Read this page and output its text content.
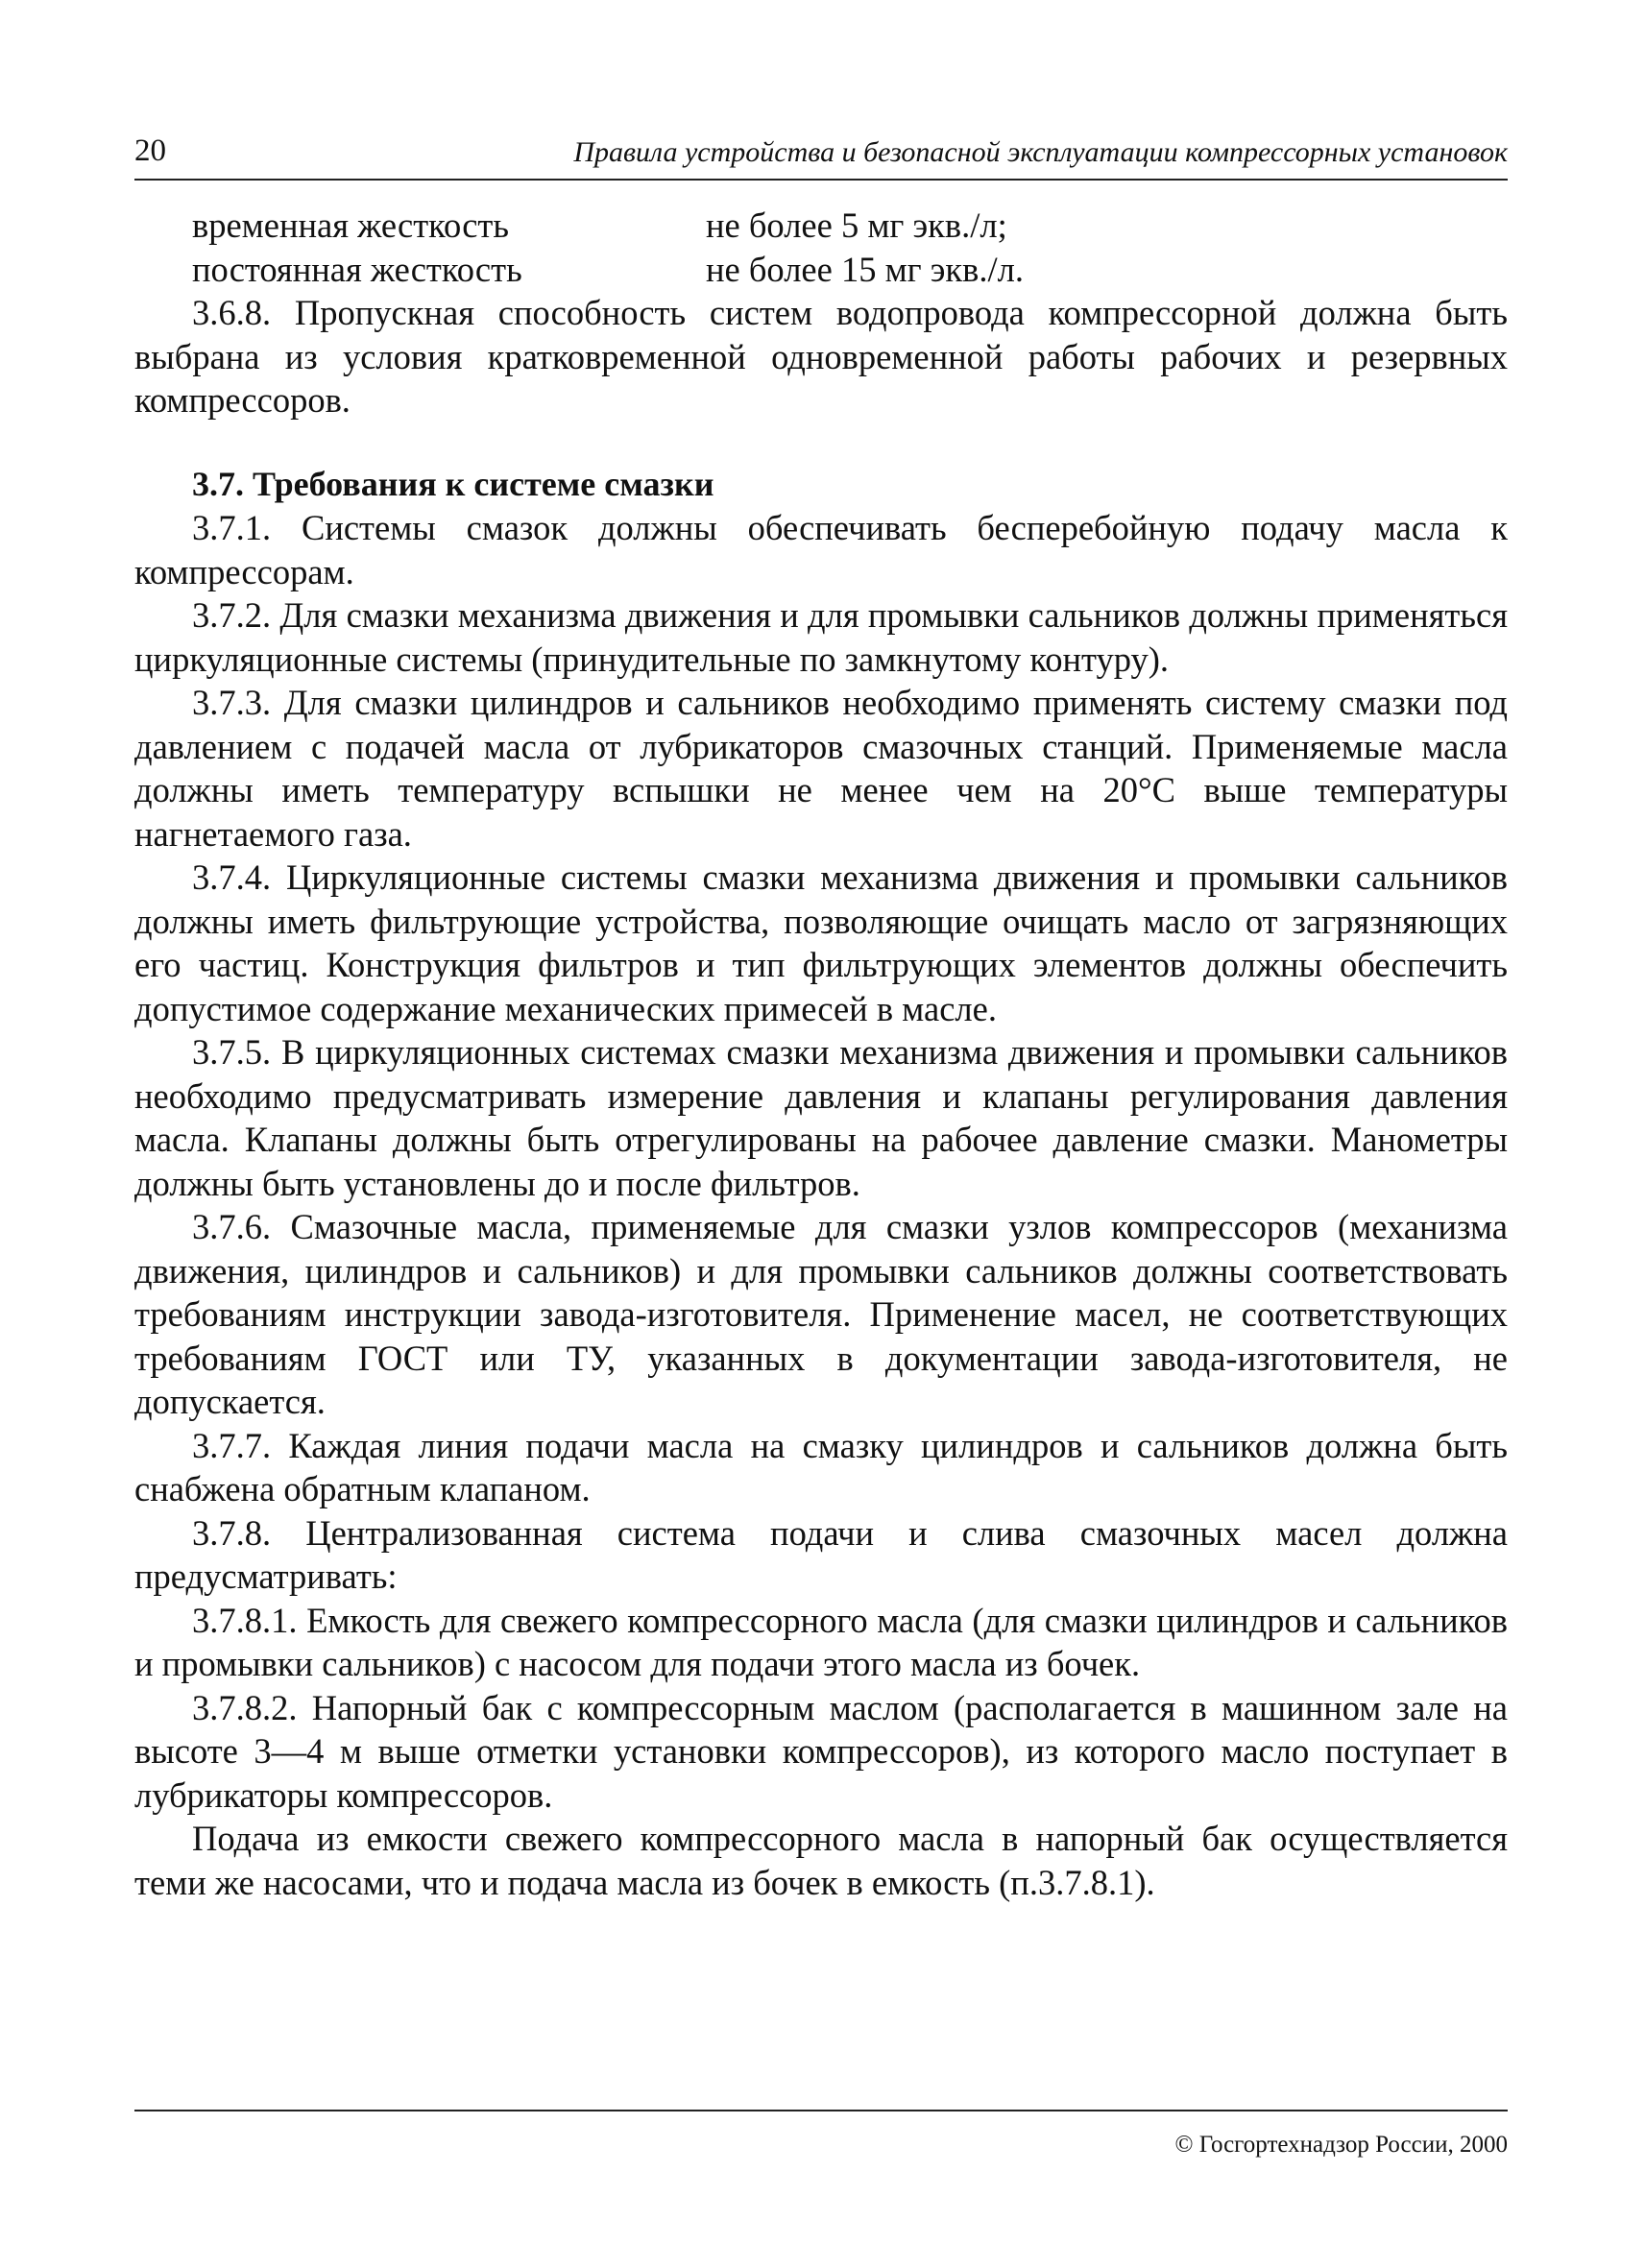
20	Правила устройства и безопасной эксплуатации компрессорных установок
временная жесткость	не более 5 мг экв./л;
постоянная жесткость	не более 15 мг экв./л.

3.6.8. Пропускная способность систем водопровода компрессорной должна быть выбрана из условия кратковременной одновременной работы рабочих и резервных компрессоров.

3.7. Требования к системе смазки

3.7.1. Системы смазок должны обеспечивать бесперебойную подачу масла к компрессорам.

3.7.2. Для смазки механизма движения и для промывки сальников должны применяться циркуляционные системы (принудительные по замкнутому контуру).

3.7.3. Для смазки цилиндров и сальников необходимо применять систему смазки под давлением с подачей масла от лубрикаторов смазочных станций. Применяемые масла должны иметь температуру вспышки не менее чем на 20°С выше температуры нагнетаемого газа.

3.7.4. Циркуляционные системы смазки механизма движения и промывки сальников должны иметь фильтрующие устройства, позволяющие очищать масло от загрязняющих его частиц. Конструкция фильтров и тип фильтрующих элементов должны обеспечить допустимое содержание механических примесей в масле.

3.7.5. В циркуляционных системах смазки механизма движения и промывки сальников необходимо предусматривать измерение давления и клапаны регулирования давления масла. Клапаны должны быть отрегулированы на рабочее давление смазки. Манометры должны быть установлены до и после фильтров.

3.7.6. Смазочные масла, применяемые для смазки узлов компрессоров (механизма движения, цилиндров и сальников) и для промывки сальников должны соответствовать требованиям инструкции завода-изготовителя. Применение масел, не соответствующих требованиям ГОСТ или ТУ, указанных в документации завода-изготовителя, не допускается.

3.7.7. Каждая линия подачи масла на смазку цилиндров и сальников должна быть снабжена обратным клапаном.

3.7.8. Централизованная система подачи и слива смазочных масел должна предусматривать:

3.7.8.1. Емкость для свежего компрессорного масла (для смазки цилиндров и сальников и промывки сальников) с насосом для подачи этого масла из бочек.

3.7.8.2. Напорный бак с компрессорным маслом (располагается в машинном зале на высоте 3—4 м выше отметки установки компрессоров), из которого масло поступает в лубрикаторы компрессоров.

Подача из емкости свежего компрессорного масла в напорный бак осуществляется теми же насосами, что и подача масла из бочек в емкость (п.3.7.8.1).

© Госгортехнадзор России, 2000
